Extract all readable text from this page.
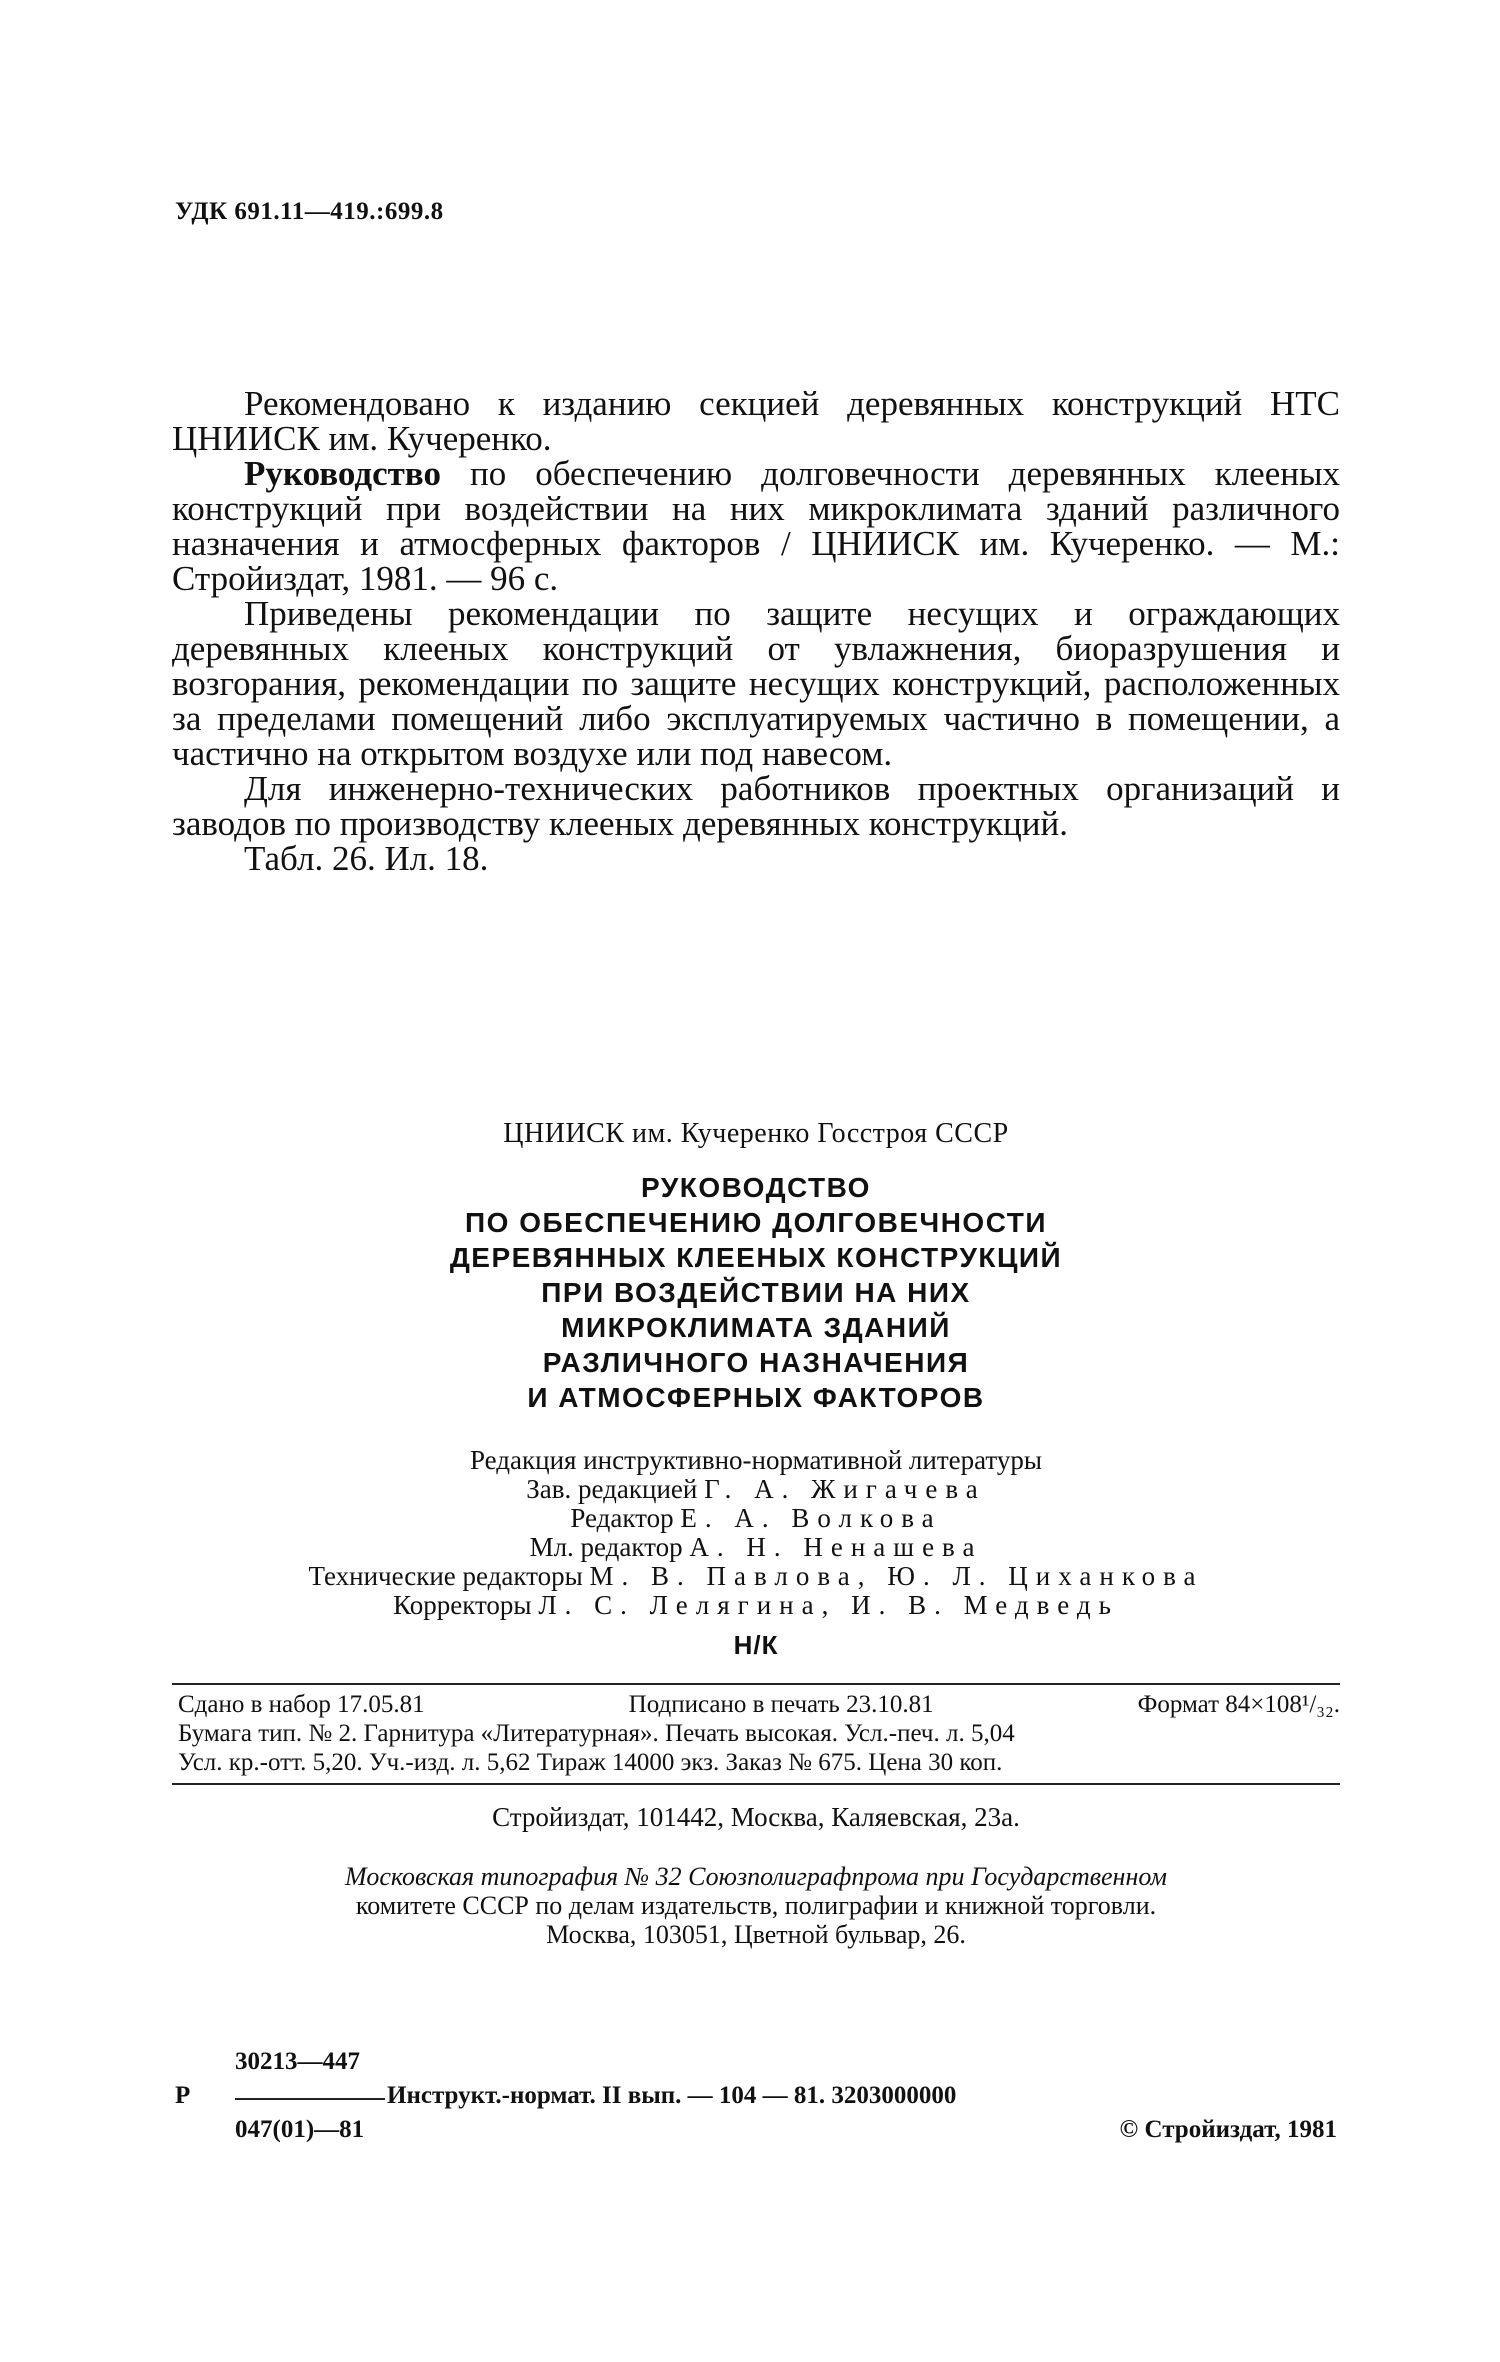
УДК 691.11—419.:699.8

Рекомендовано к изданию секцией деревянных конструкций НТС ЦНИИСК им. Кучеренко.

Руководство по обеспечению долговечности деревянных клееных конструкций при воздействии на них микроклимата зданий различного назначения и атмосферных факторов / ЦНИИСК им. Кучеренко. — М.: Стройиздат, 1981. — 96 с.

Приведены рекомендации по защите несущих и ограждающих деревянных клееных конструкций от увлажнения, биоразрушения и возгорания, рекомендации по защите несущих конструкций, расположенных за пределами помещений либо эксплуатируемых частично в помещении, а частично на открытом воздухе или под навесом.

Для инженерно-технических работников проектных организаций и заводов по производству клееных деревянных конструкций.

Табл. 26. Ил. 18.

ЦНИИСК им. Кучеренко Госстроя СССР
РУКОВОДСТВО
ПО ОБЕСПЕЧЕНИЮ ДОЛГОВЕЧНОСТИ
ДЕРЕВЯННЫХ КЛЕЕНЫХ КОНСТРУКЦИЙ
ПРИ ВОЗДЕЙСТВИИ НА НИХ
МИКРОКЛИМАТА ЗДАНИЙ
РАЗЛИЧНОГО НАЗНАЧЕНИЯ
И АТМОСФЕРНЫХ ФАКТОРОВ
Редакция инструктивно-нормативной литературы
Зав. редакцией Г. А. Жигачева
Редактор Е. А. Волкова
Мл. редактор А. Н. Ненашева
Технические редакторы М. В. Павлова, Ю. Л. Циханкова
Корректоры Л. С. Лелягина, И. В. Медведь
Н/К
Сдано в набор 17.05.81	Подписано в печать 23.10.81	Формат 84×108¹/₃₂.
Бумага тип. № 2. Гарнитура «Литературная». Печать высокая. Усл.-печ. л. 5,04
Усл. кр.-отт. 5,20. Уч.-изд. л. 5,62 Тираж 14000 экз. Заказ № 675. Цена 30 коп.
Стройиздат, 101442, Москва, Каляевская, 23а.
Московская типография № 32 Союзполиграфпрома при Государственном
комитете СССР по делам издательств, полиграфии и книжной торговли.
Москва, 103051, Цветной бульвар, 26.
30213—447
Р	Инструкт.-нормат. II вып. — 104 — 81. 3203000000
047(01)—81	© Стройиздат, 1981
